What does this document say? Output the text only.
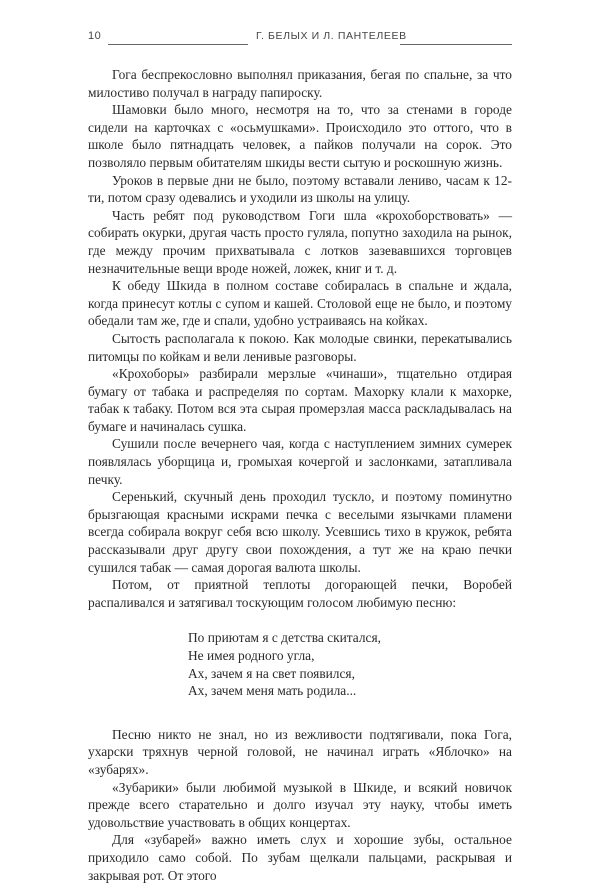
10	Г. БЕЛЫХ И Л. ПАНТЕЛЕЕВ

Гога беспрекословно выполнял приказания, бегая по спальне, за что милостиво получал в награду папироску.

Шамовки было много, несмотря на то, что за стенами в городе сидели на карточках с «осьмушками». Происходило это оттого, что в школе было пятнадцать человек, а пайков получали на сорок. Это позволяло первым обитателям шкиды вести сытую и роскошную жизнь.

Уроков в первые дни не было, поэтому вставали лениво, часам к 12-ти, потом сразу одевались и уходили из школы на улицу.

Часть ребят под руководством Гоги шла «крохоборствовать» — собирать окурки, другая часть просто гуляла, попутно заходила на рынок, где между прочим прихватывала с лотков зазевавшихся торговцев незначительные вещи вроде ножей, ложек, книг и т. д.

К обеду Шкида в полном составе собиралась в спальне и ждала, когда принесут котлы с супом и кашей. Столовой еще не было, и поэтому обедали там же, где и спали, удобно устраиваясь на койках.

Сытость располагала к покою. Как молодые свинки, перекатывались питомцы по койкам и вели ленивые разговоры.

«Крохоборы» разбирали мерзлые «чинаши», тщательно отдирая бумагу от табака и распределяя по сортам. Махорку клали к махорке, табак к табаку. Потом вся эта сырая промерзлая масса раскладывалась на бумаге и начиналась сушка.

Сушили после вечернего чая, когда с наступлением зимних сумерек появлялась уборщица и, громыхая кочергой и заслонками, затапливала печку.

Серенький, скучный день проходил тускло, и поэтому поминутно брызгающая красными искрами печка с веселыми язычками пламени всегда собирала вокруг себя всю школу. Усевшись тихо в кружок, ребята рассказывали друг другу свои похождения, а тут же на краю печки сушился табак — самая дорогая валюта школы.

Потом, от приятной теплоты догорающей печки, Воробей распаливался и затягивал тоскующим голосом любимую песню:

По приютам я с детства скитался,
Не имея родного угла,
Ах, зачем я на свет появился,
Ах, зачем меня мать родила...

Песню никто не знал, но из вежливости подтягивали, пока Гога, ухарски тряхнув черной головой, не начинал играть «Яблочко» на «зубарях».

«Зубарики» были любимой музыкой в Шкиде, и всякий новичок прежде всего старательно и долго изучал эту науку, чтобы иметь удовольствие участвовать в общих концертах.

Для «зубарей» важно иметь слух и хорошие зубы, остальное приходило само собой. По зубам щелкали пальцами, раскрывая и закрывая рот. От этого
